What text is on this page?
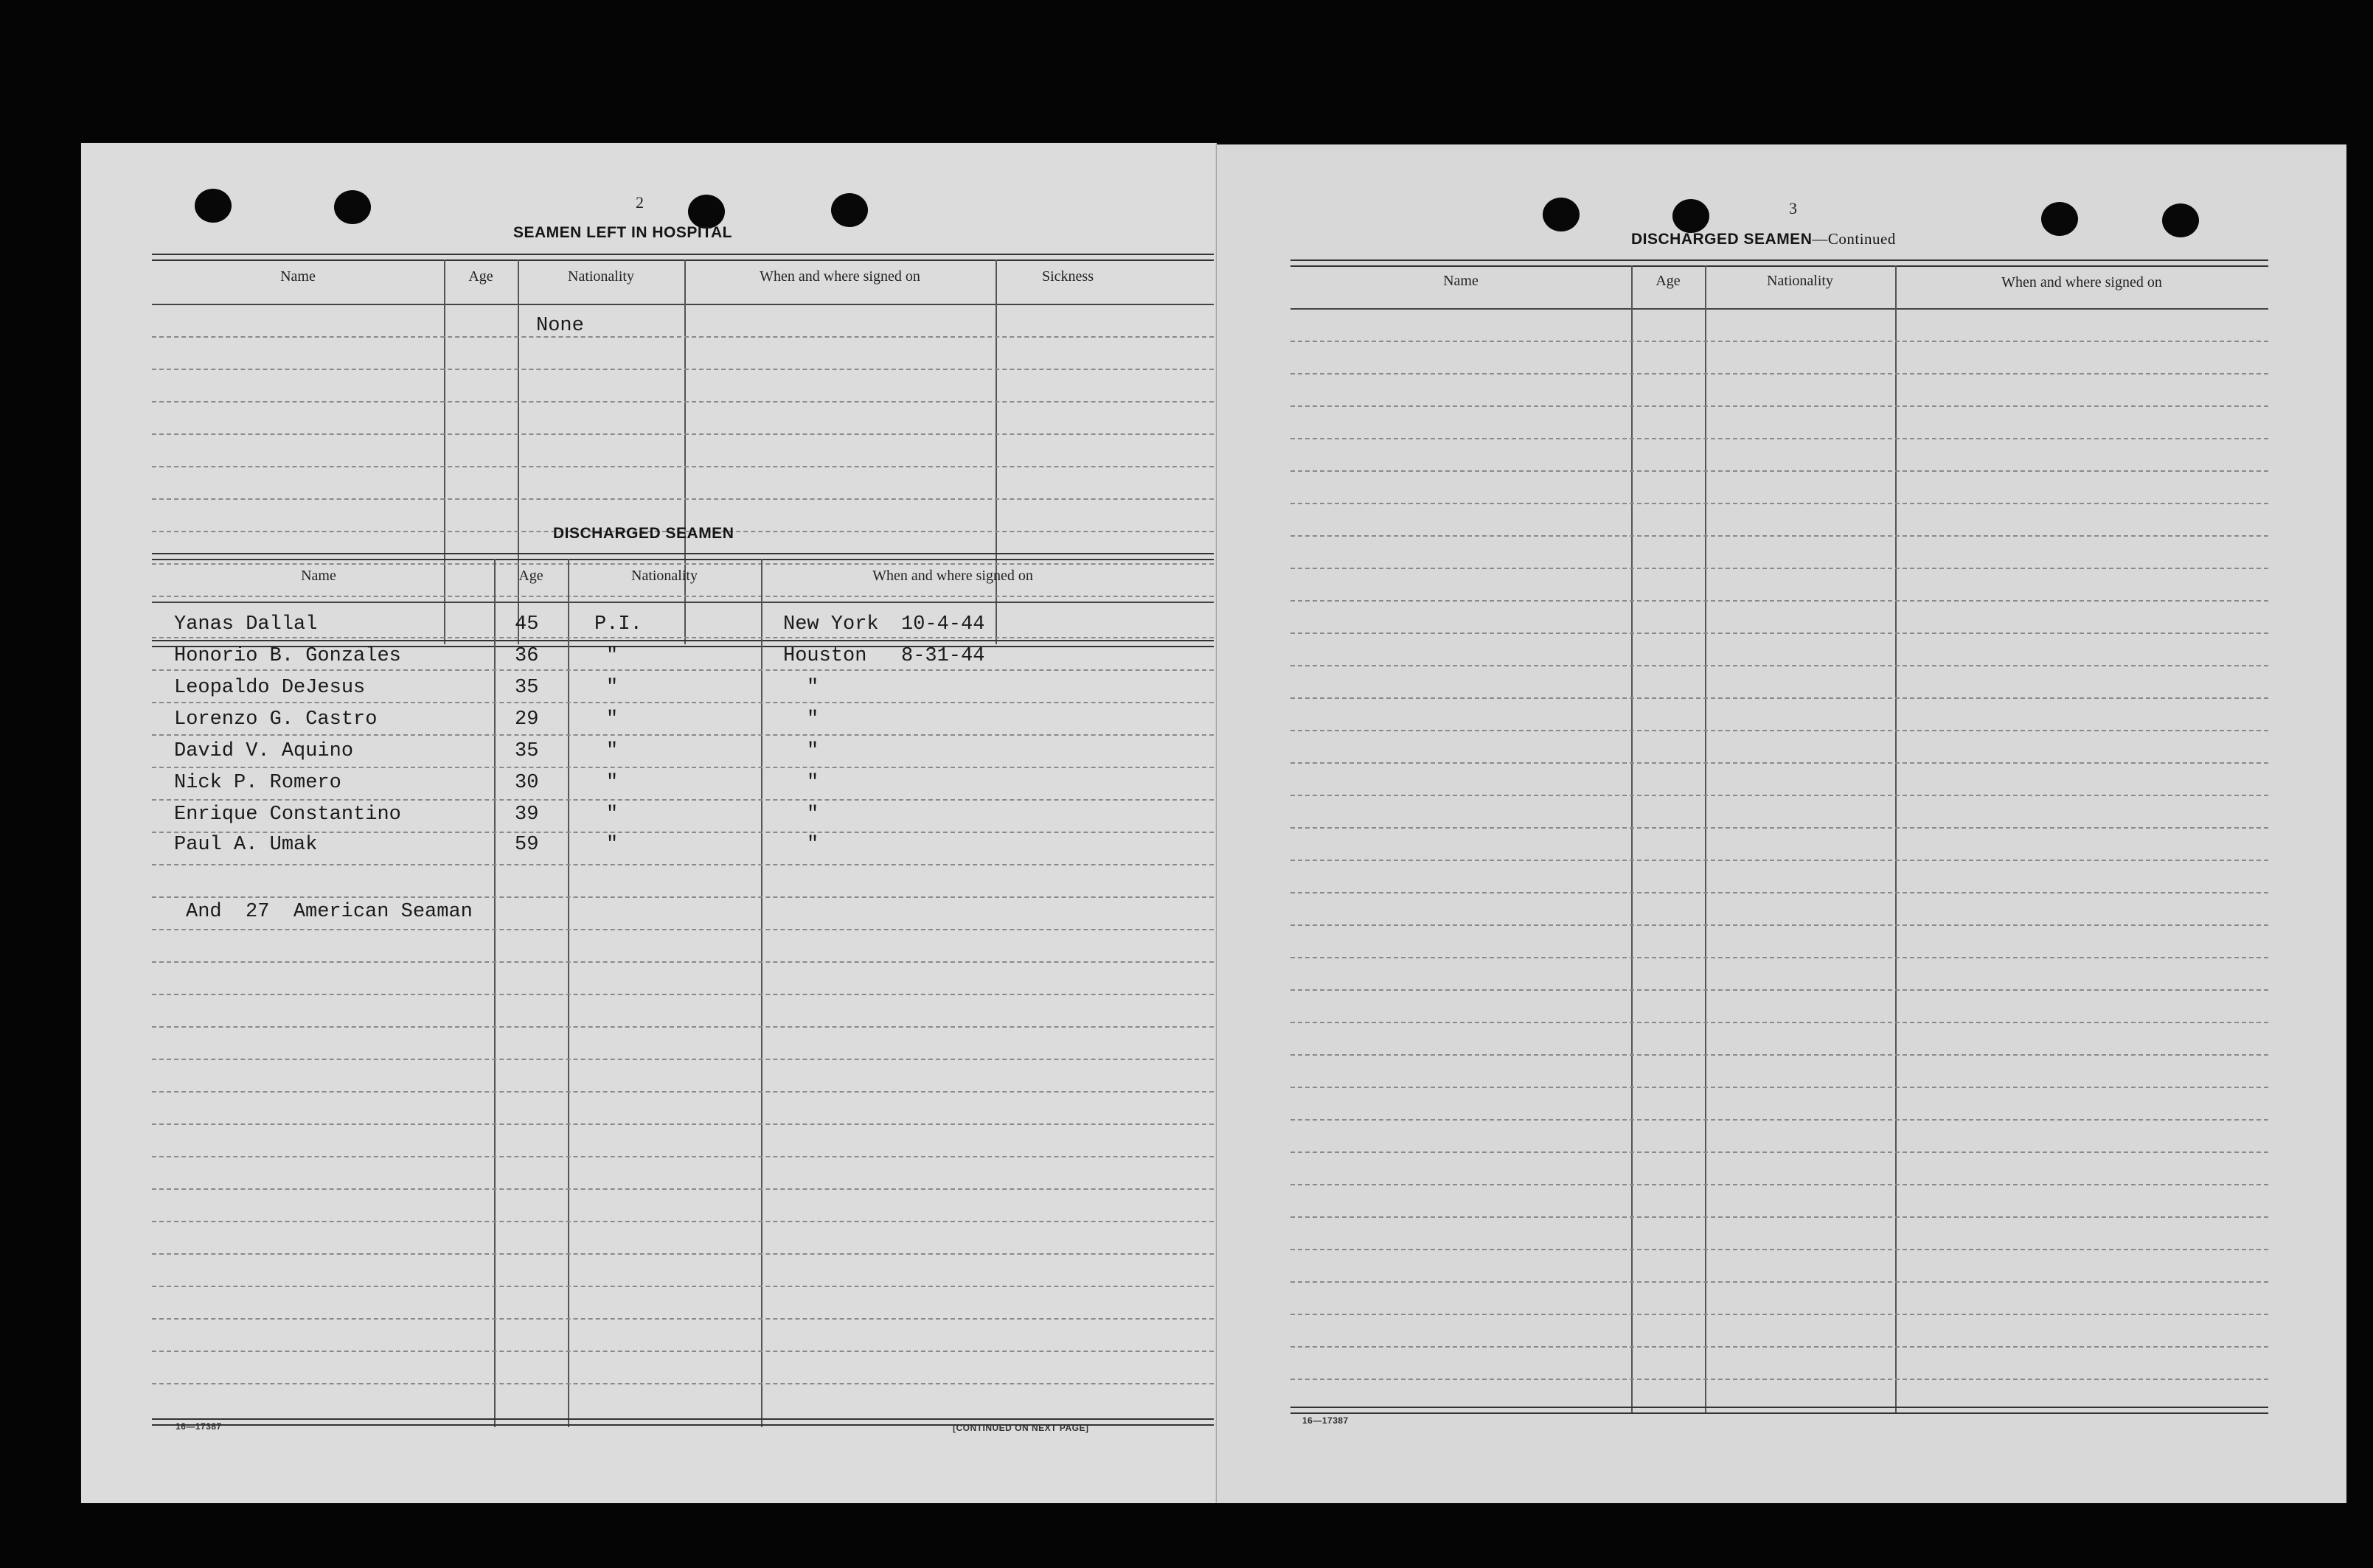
2
SEAMEN LEFT IN HOSPITAL
Name	Age	Nationality	When and where signed on	Sickness
None
DISCHARGED SEAMEN
Name	Age	Nationality	When and where signed on
Yanas Dallal	45	P.I.	New York 10-4-44
Honorio B. Gonzales	36	"	Houston 8-31-44
Leopaldo DeJesus	35	"	"
Lorenzo G. Castro	29	"	"
David V. Aquino	35	"	"
Nick P. Romero	30	"	"
Enrique Constantino	39	"	"
Paul A. Umak	59	"	"
And  27  American Seaman
16—17387	[CONTINUED ON NEXT PAGE]
3
DISCHARGED SEAMEN—Continued
Name	Age	Nationality	When and where signed on
16—17387
